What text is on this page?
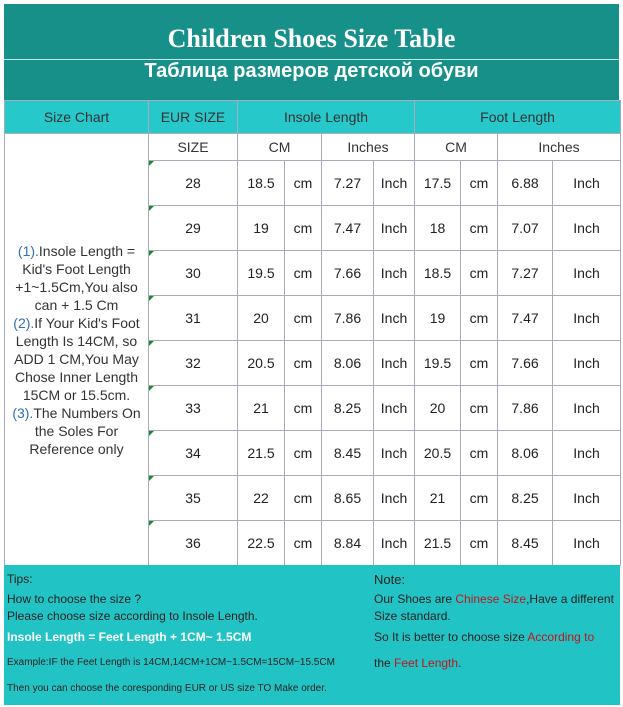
Children Shoes Size Table
Таблица размеров детской обуви
Size Chart	EUR SIZE	Insole Length				Foot Length			
(1).Insole Length = Kid's Foot Length +1~1.5Cm,You also can + 1.5 Cm
(2).If Your Kid's Foot Length Is 14CM, so ADD 1 CM,You May Chose Inner Length 15CM or 15.5cm.
(3).The Numbers On the Soles For Reference only	SIZE	CM		Inches		CM		Inches	

28	18.5	cm	7.27	Inch	17.5	cm	6.88	Inch

29	19	cm	7.47	Inch	18	cm	7.07	Inch

30	19.5	cm	7.66	Inch	18.5	cm	7.27	Inch

31	20	cm	7.86	Inch	19	cm	7.47	Inch

32	20.5	cm	8.06	Inch	19.5	cm	7.66	Inch

33	21	cm	8.25	Inch	20	cm	7.86	Inch

34	21.5	cm	8.45	Inch	20.5	cm	8.06	Inch

35	22	cm	8.65	Inch	21	cm	8.25	Inch

36	22.5	cm	8.84	Inch	21.5	cm	8.45	Inch
Tips:
How to choose the size ?
Please choose size according to Insole Length.
Insole Length = Feet Length + 1CM~ 1.5CM
Example:IF the Feet Length is 14CM,14CM+1CM~1.5CM=15CM~15.5CM
Then you can choose the coresponding EUR or US size TO Make order.
Note:
Our Shoes are Chinese Size,Have a different
Size standard.
So It is better to choose size According to
the Feet Length.
